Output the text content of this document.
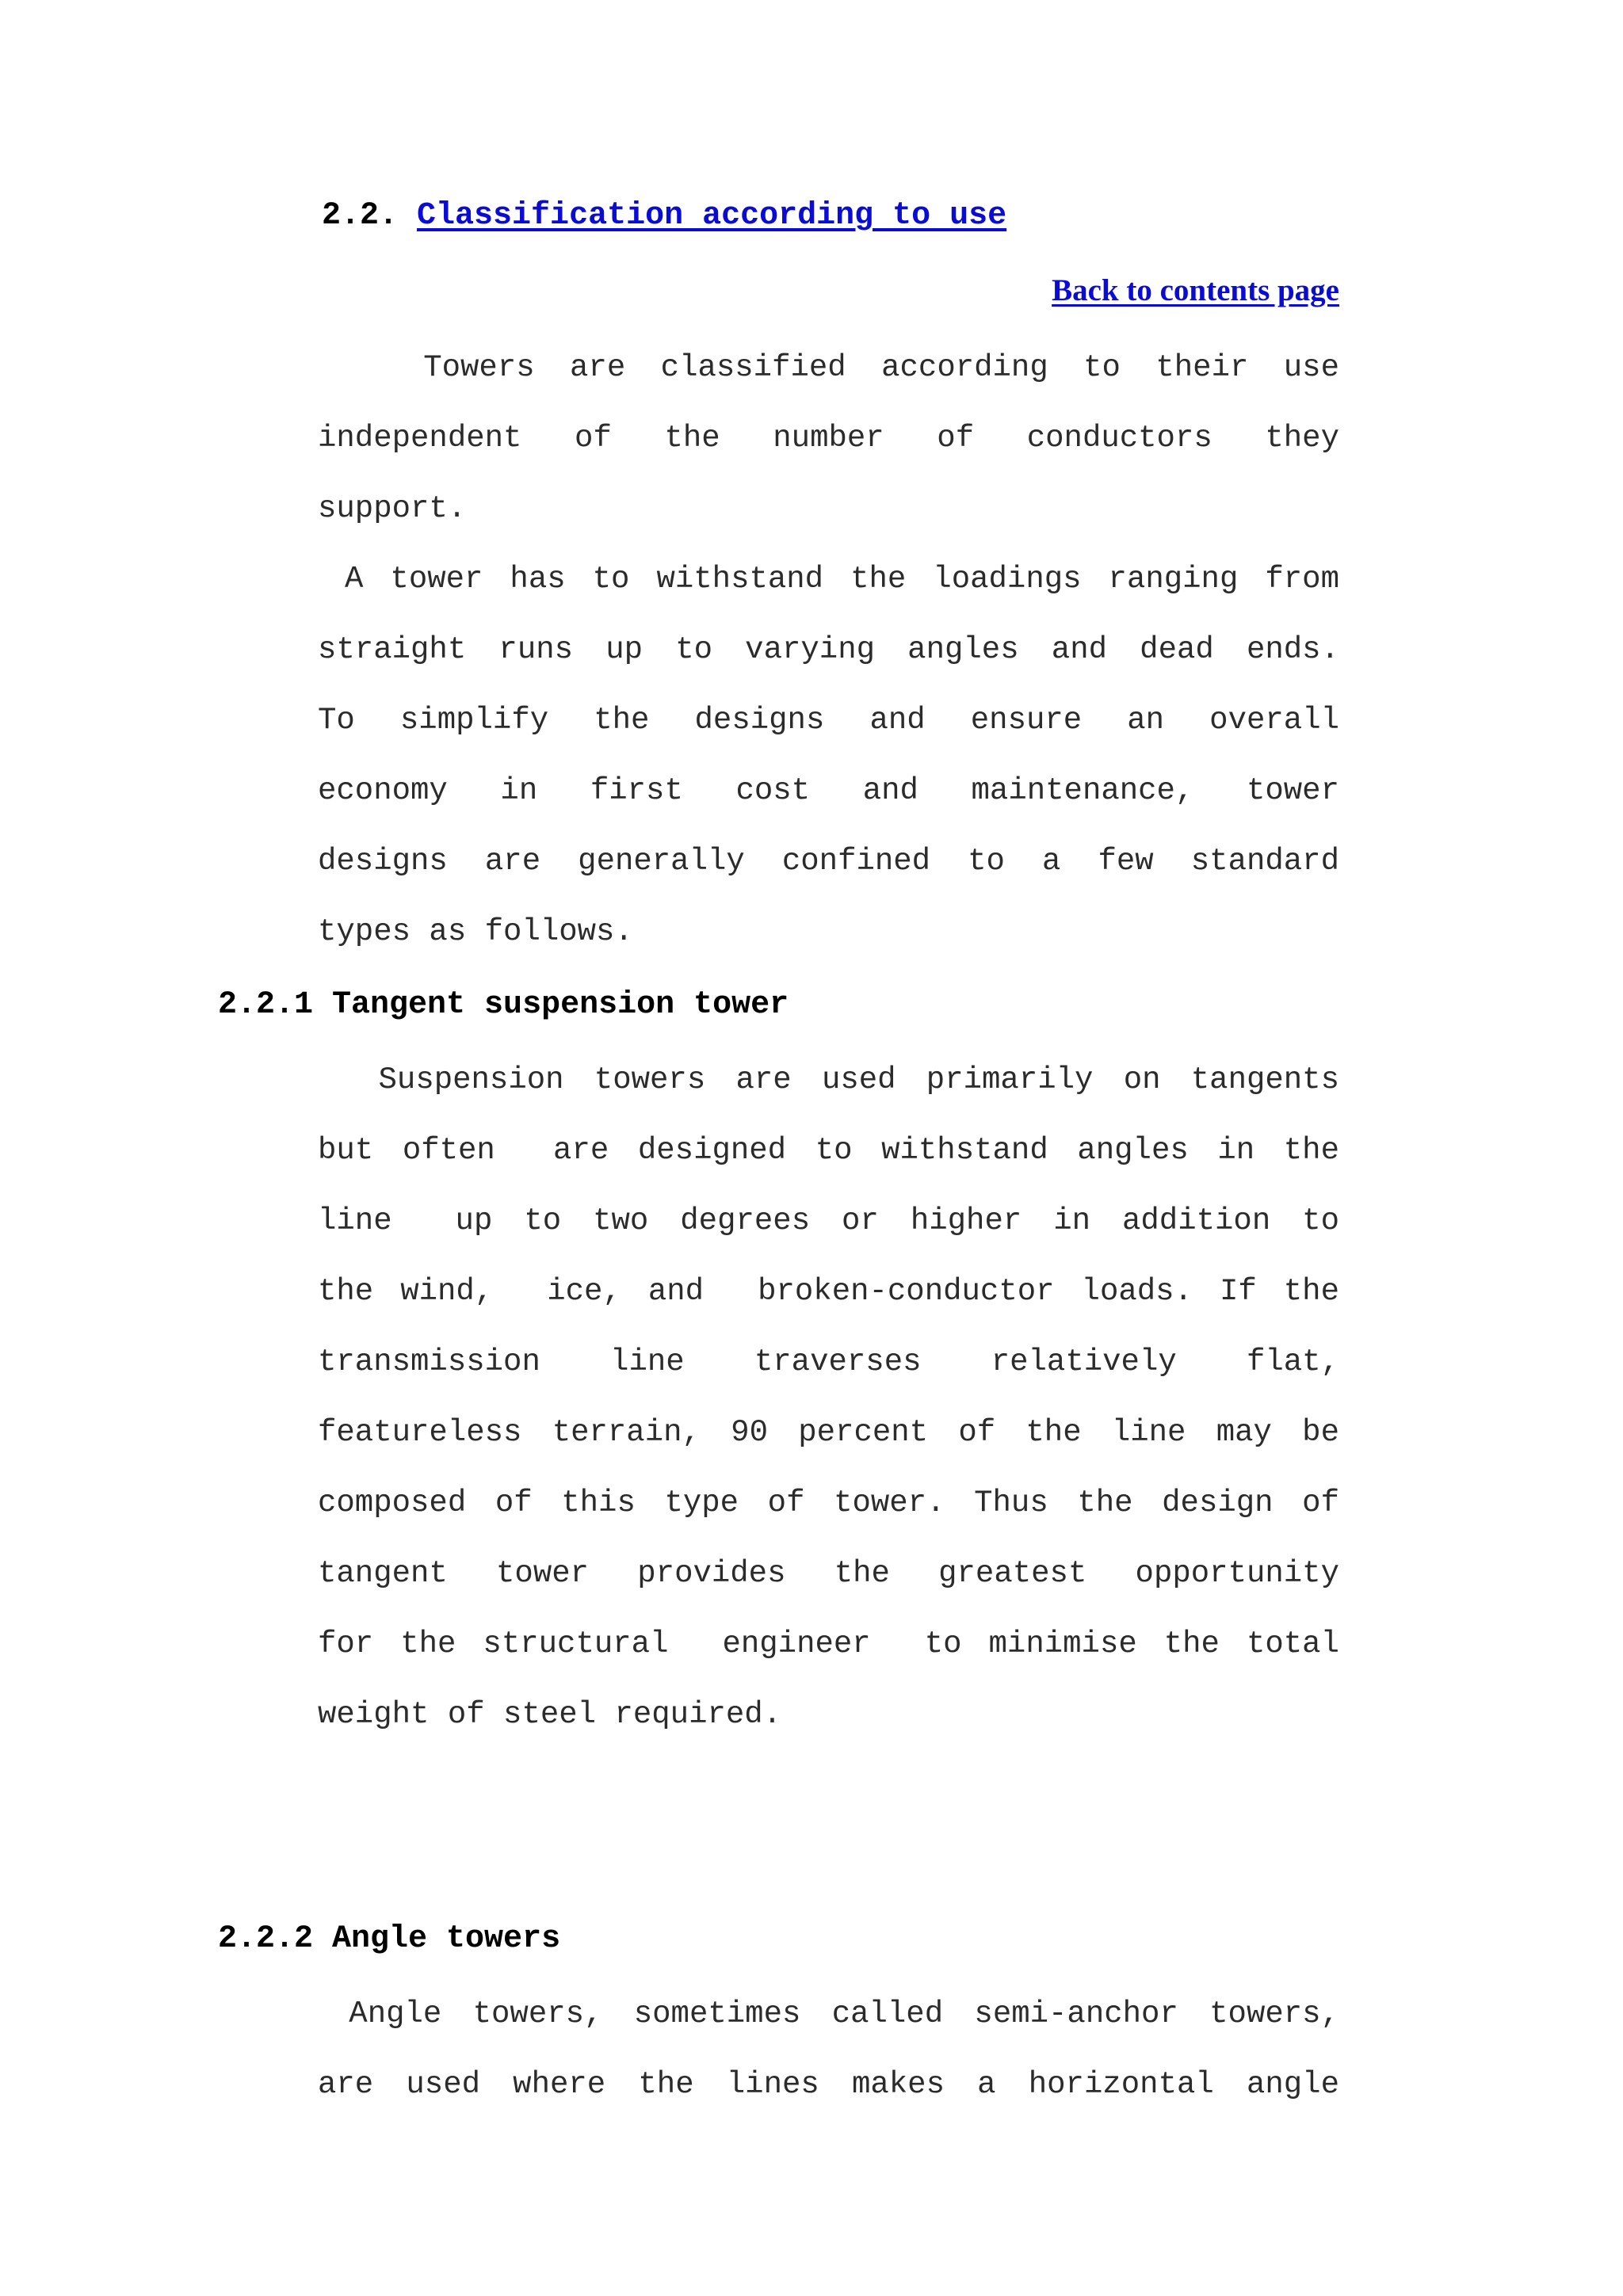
2.2. Classification according to use
Back to contents page
Towers are classified according to their use
independent of the number of conductors they
support.
A tower has to withstand the loadings ranging from
straight runs up to varying angles and dead ends.
To simplify the designs and ensure an overall
economy in first cost and maintenance, tower
designs are generally confined to a few standard
types as follows.
2.2.1 Tangent suspension tower
Suspension towers are used primarily on tangents
but often  are designed to withstand angles in the
line  up to two degrees or higher in addition to
the wind,  ice, and  broken-conductor loads. If the
transmission line traverses relatively flat,
featureless terrain, 90 percent of the line may be
composed of this type of tower. Thus the design of
tangent tower provides the greatest opportunity
for the structural  engineer  to minimise the total
weight of steel required.
2.2.2 Angle towers
Angle towers, sometimes called semi-anchor towers,
are used where the lines makes a horizontal angle
